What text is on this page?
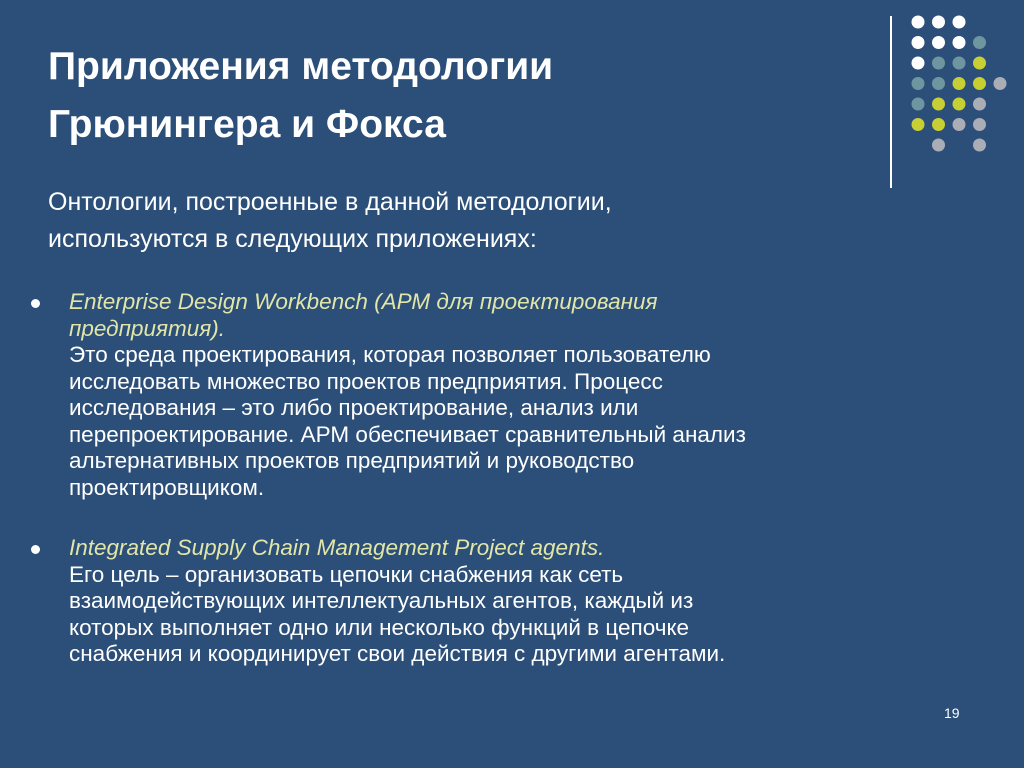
Приложения методологии
Грюнингера и Фокса
Онтологии, построенные в данной методологии,
используются в следующих приложениях:
Enterprise Design Workbench (АРМ для проектирования
предприятия).
Это среда проектирования, которая позволяет пользователю
исследовать множество проектов предприятия. Процесс
исследования – это либо проектирование, анализ или
перепроектирование. АРМ обеспечивает сравнительный анализ
альтернативных проектов предприятий и руководство
проектировщиком.
Integrated Supply Chain Management Project agents.
Его цель – организовать цепочки снабжения как сеть
взаимодействующих интеллектуальных агентов, каждый из
которых выполняет одно или несколько функций в цепочке
снабжения и координирует свои действия с другими агентами.
19
